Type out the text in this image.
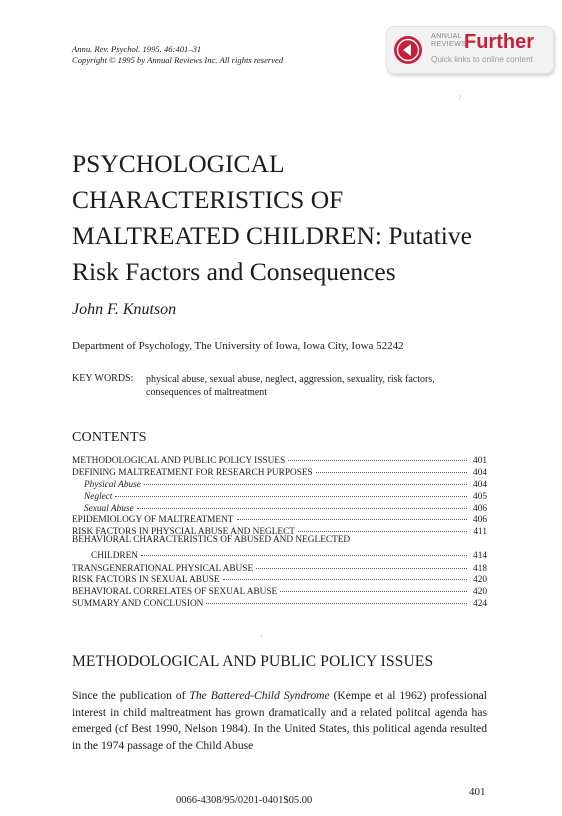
Annu. Rev. Psychol. 1995. 46:401–31
Copyright © 1995 by Annual Reviews Inc. All rights reserved
ANNUAL
REVIEWS
Further
Quick links to online content
/
PSYCHOLOGICAL
CHARACTERISTICS OF
MALTREATED CHILDREN: Putative
Risk Factors and Consequences
John F. Knutson
Department of Psychology, The University of Iowa, Iowa City, Iowa 52242
KEY WORDS: physical abuse, sexual abuse, neglect, aggression, sexuality, risk factors, consequences of maltreatment
CONTENTS
METHODOLOGICAL AND PUBLIC POLICY ISSUES	401
DEFINING MALTREATMENT FOR RESEARCH PURPOSES	404
Physical Abuse	404
Neglect	405
Sexual Abuse	406
EPIDEMIOLOGY OF MALTREATMENT	406
RISK FACTORS IN PHYSCIAL ABUSE AND NEGLECT	411
BEHAVIORAL CHARACTERISTICS OF ABUSED AND NEGLECTED
CHILDREN	414
TRANSGENERATIONAL PHYSICAL ABUSE	418
RISK FACTORS IN SEXUAL ABUSE	420
BEHAVIORAL CORRELATES OF SEXUAL ABUSE	420
SUMMARY AND CONCLUSION	424
·
METHODOLOGICAL AND PUBLIC POLICY ISSUES

Since the publication of The Battered-Child Syndrome (Kempe et al 1962) professional interest in child maltreatment has grown dramatically and a related politcal agenda has emerged (cf Best 1990, Nelson 1984). In the United States, this political agenda resulted in the 1974 passage of the Child Abuse

401
0066-4308/95/0201-0401$05.00
